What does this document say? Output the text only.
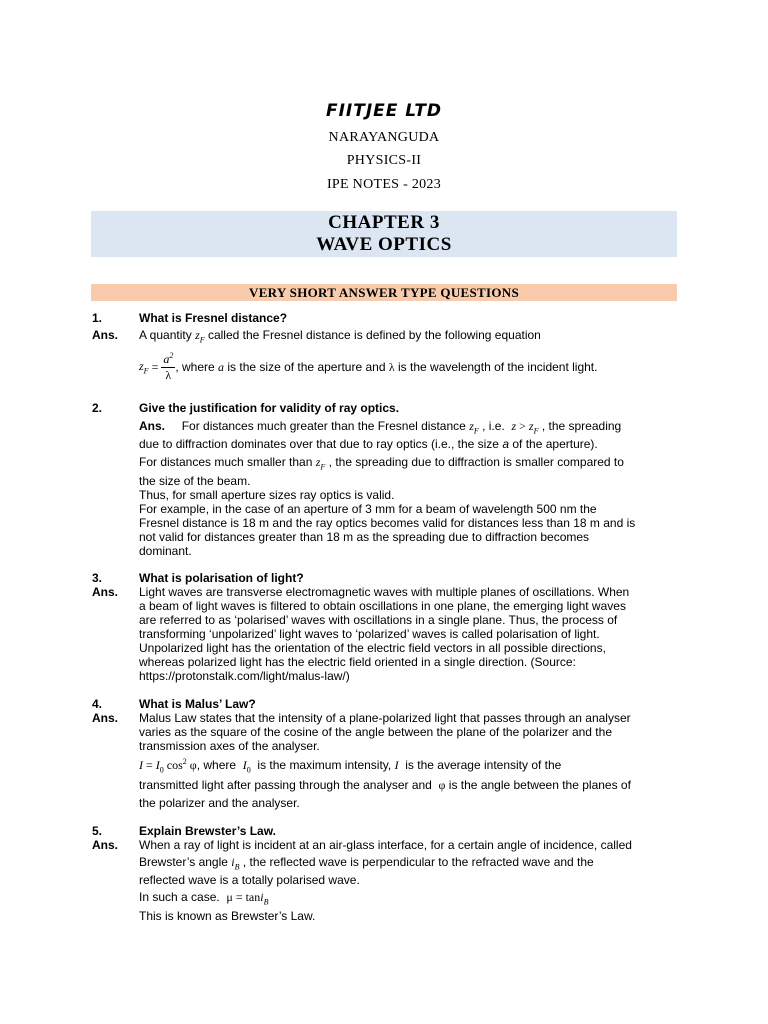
FIITJEE LTD
NARAYANGUDA
PHYSICS-II
IPE NOTES - 2023
CHAPTER 3
WAVE OPTICS
VERY SHORT ANSWER TYPE QUESTIONS
1.	What is Fresnel distance?
Ans. A quantity $z_F$ called the Fresnel distance is defined by the following equation
$z_F = \frac{a^2}{\lambda}$ , where
a
is the size of the aperture and
λ
is the wavelength of the incident light.
2.	Give the justification for validity of ray optics.
Ans. For distances much greater than the Fresnel distance $z_F$ , i.e. $z > z_F$ , the spreading
due to diffraction dominates over that due to ray optics (i.e., the size a of the aperture).
For distances much smaller than $z_F$ , the spreading due to diffraction is smaller compared to
the size of the beam.
Thus, for small aperture sizes ray optics is valid.
For example, in the case of an aperture of 3 mm for a beam of wavelength 500 nm the
Fresnel distance is 18 m and the ray optics becomes valid for distances less than 18 m and is
not valid for distances greater than 18 m as the spreading due to diffraction becomes
dominant.
3.	What is polarisation of light?
Ans. Light waves are transverse electromagnetic waves with multiple planes of oscillations. When
a beam of light waves is filtered to obtain oscillations in one plane, the emerging light waves
are referred to as ‘polarised’ waves with oscillations in a single plane. Thus, the process of
transforming ‘unpolarized’ light waves to ‘polarized’ waves is called polarisation of light.
Unpolarized light has the orientation of the electric field vectors in all possible directions,
whereas polarized light has the electric field oriented in a single direction. (Source:
https://protonstalk.com/light/malus-law/)
4.	What is Malus’ Law?
Ans. Malus Law states that the intensity of a plane-polarized light that passes through an analyser
varies as the square of the cosine of the angle between the plane of the polarizer and the
transmission axes of the analyser.
$I = I_0$ $\cos^2 \varphi$, where $I_0$ is the maximum intensity, I is the average intensity of the
transmitted light after passing through the analyser and φ is the angle between the planes of
the polarizer and the analyser.
5.	Explain Brewster’s Law.
Ans. When a ray of light is incident at an air-glass interface, for a certain angle of incidence, called
Brewster’s angle $i_B$ , the reflected wave is perpendicular to the refracted wave and the
reflected wave is a totally polarised wave.
In such a case. μ = tani$_B$
This is known as Brewster’s Law.
